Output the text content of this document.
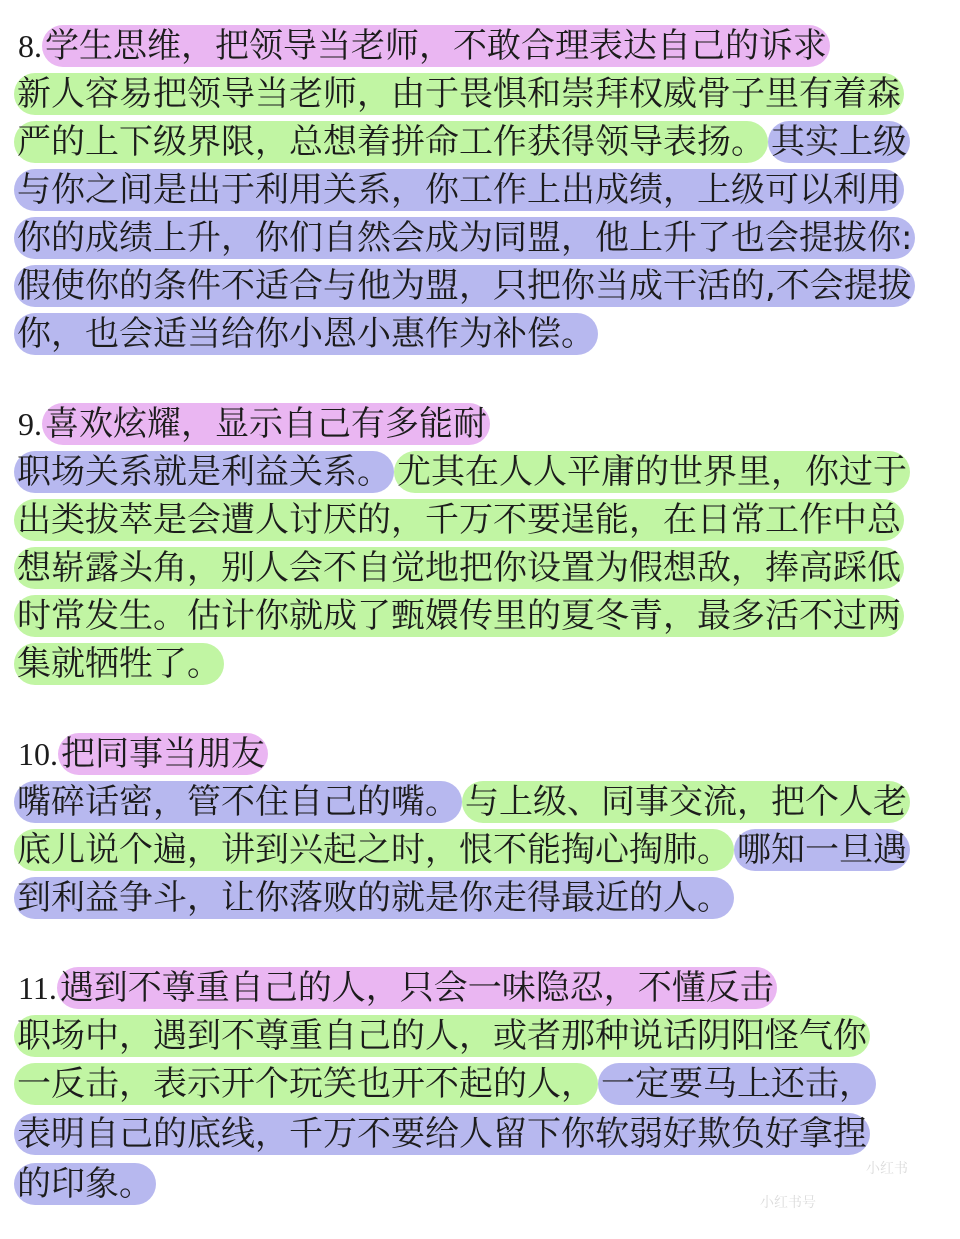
8.学生思维，把领导当老师，不敢合理表达自己的诉求
新人容易把领导当老师，由于畏惧和崇拜权威骨子里有着森
严的上下级界限，总想着拼命工作获得领导表扬。 其实上级
与你之间是出于利用关系，你工作上出成绩，上级可以利用
你的成绩上升，你们自然会成为同盟，他上升了也会提拔你:
假使你的条件不适合与他为盟，只把你当成干活的,不会提拔
你，也会适当给你小恩小惠作为补偿。
9.喜欢炫耀，显示自己有多能耐
职场关系就是利益关系。 尤其在人人平庸的世界里，你过于
出类拔萃是会遭人讨厌的，千万不要逞能，在日常工作中总
想崭露头角，别人会不自觉地把你设置为假想敌，捧高踩低
时常发生。估计你就成了甄嬛传里的夏冬青，最多活不过两
集就牺牲了。
10.把同事当朋友
嘴碎话密，管不住自己的嘴。 与上级、同事交流，把个人老
底儿说个遍，讲到兴起之时，恨不能掏心掏肺。 哪知一旦遇
到利益争斗，让你落败的就是你走得最近的人。
11.遇到不尊重自己的人，只会一味隐忍，不懂反击
职场中，遇到不尊重自己的人，或者那种说话阴阳怪气你
一反击，表示开个玩笑也开不起的人， 一定要马上还击，
表明自己的底线，千万不要给人留下你软弱好欺负好拿捏
的印象。	小红书
小红书号
